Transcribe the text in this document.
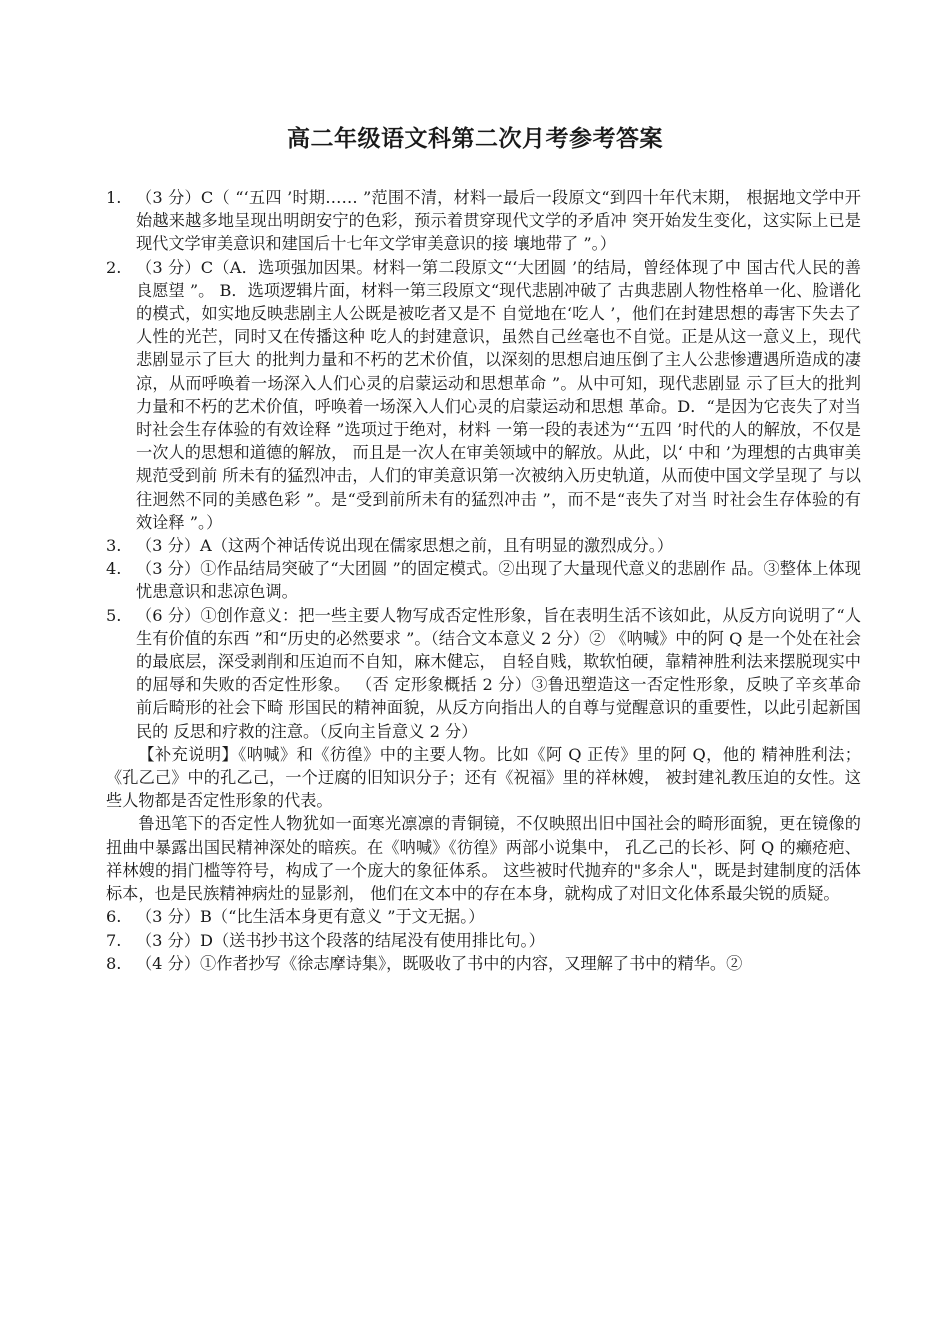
高二年级语文科第二次月考参考答案
1. （3 分）C（ “‘五四 ’时期…… ”范围不清，材料一最后一段原文“到四十年代末期， 根据地文学中开始越来越多地呈现出明朗安宁的色彩，预示着贯穿现代文学的矛盾冲 突开始发生变化，这实际上已是现代文学审美意识和建国后十七年文学审美意识的接 壤地带了 ”。）
2. （3 分）C（A．选项强加因果。材料一第二段原文“‘大团圆 ’的结局，曾经体现了中 国古代人民的善良愿望 ”。 B．选项逻辑片面，材料一第三段原文“现代悲剧冲破了 古典悲剧人物性格单一化、脸谱化的模式，如实地反映悲剧主人公既是被吃者又是不 自觉地在‘吃人 ’，他们在封建思想的毒害下失去了人性的光芒，同时又在传播这种 吃人的封建意识，虽然自己丝毫也不自觉。正是从这一意义上，现代悲剧显示了巨大 的批判力量和不朽的艺术价值，以深刻的思想启迪压倒了主人公悲惨遭遇所造成的凄 凉，从而呼唤着一场深入人们心灵的启蒙运动和思想革命 ”。从中可知，现代悲剧显 示了巨大的批判力量和不朽的艺术价值，呼唤着一场深入人们心灵的启蒙运动和思想 革命。D．“是因为它丧失了对当时社会生存体验的有效诠释 ”选项过于绝对，材料 一第一段的表述为“‘五四 ’时代的人的解放，不仅是一次人的思想和道德的解放， 而且是一次人在审美领域中的解放。从此，以‘ 中和 ’为理想的古典审美规范受到前 所未有的猛烈冲击，人们的审美意识第一次被纳入历史轨道，从而使中国文学呈现了 与以往迥然不同的美感色彩 ”。是“受到前所未有的猛烈冲击 ”，而不是“丧失了对当 时社会生存体验的有效诠释 ”。）
3. （3 分）A（这两个神话传说出现在儒家思想之前，且有明显的激烈成分。）
4. （3 分）①作品结局突破了“大团圆 ”的固定模式。②出现了大量现代意义的悲剧作 品。③整体上体现忧患意识和悲凉色调。
5. （6 分）①创作意义：把一些主要人物写成否定性形象，旨在表明生活不该如此，从反方向说明了“人生有价值的东西 ”和“历史的必然要求 ”。（结合文本意义 2 分）② 《呐喊》中的阿 Q 是一个处在社会的最底层，深受剥削和压迫而不自知，麻木健忘， 自轻自贱，欺软怕硬，靠精神胜利法来摆脱现实中的屈辱和失败的否定性形象。 （否 定形象概括 2 分）③鲁迅塑造这一否定性形象，反映了辛亥革命前后畸形的社会下畸 形国民的精神面貌，从反方向指出人的自尊与觉醒意识的重要性，以此引起新国民的 反思和疗救的注意。（反向主旨意义 2 分）

【补充说明】《呐喊》和《彷徨》中的主要人物。比如《阿 Q 正传》里的阿 Q，他的 精神胜利法；《孔乙己》中的孔乙己，一个迂腐的旧知识分子；还有《祝福》里的祥林嫂， 被封建礼教压迫的女性。这些人物都是否定性形象的代表。

鲁迅笔下的否定性人物犹如一面寒光凛凛的青铜镜，不仅映照出旧中国社会的畸形面貌，更在镜像的扭曲中暴露出国民精神深处的暗疾。在《呐喊》《彷徨》两部小说集中， 孔乙己的长衫、阿 Q 的癞疮疤、祥林嫂的捐门槛等符号，构成了一个庞大的象征体系。 这些被时代抛弃的"多余人"，既是封建制度的活体标本，也是民族精神病灶的显影剂， 他们在文本中的存在本身，就构成了对旧文化体系最尖锐的质疑。

6. （3 分）B（“比生活本身更有意义 ”于文无据。）
7. （3 分）D（送书抄书这个段落的结尾没有使用排比句。）
8. （4 分）①作者抄写《徐志摩诗集》，既吸收了书中的内容，又理解了书中的精华。②
